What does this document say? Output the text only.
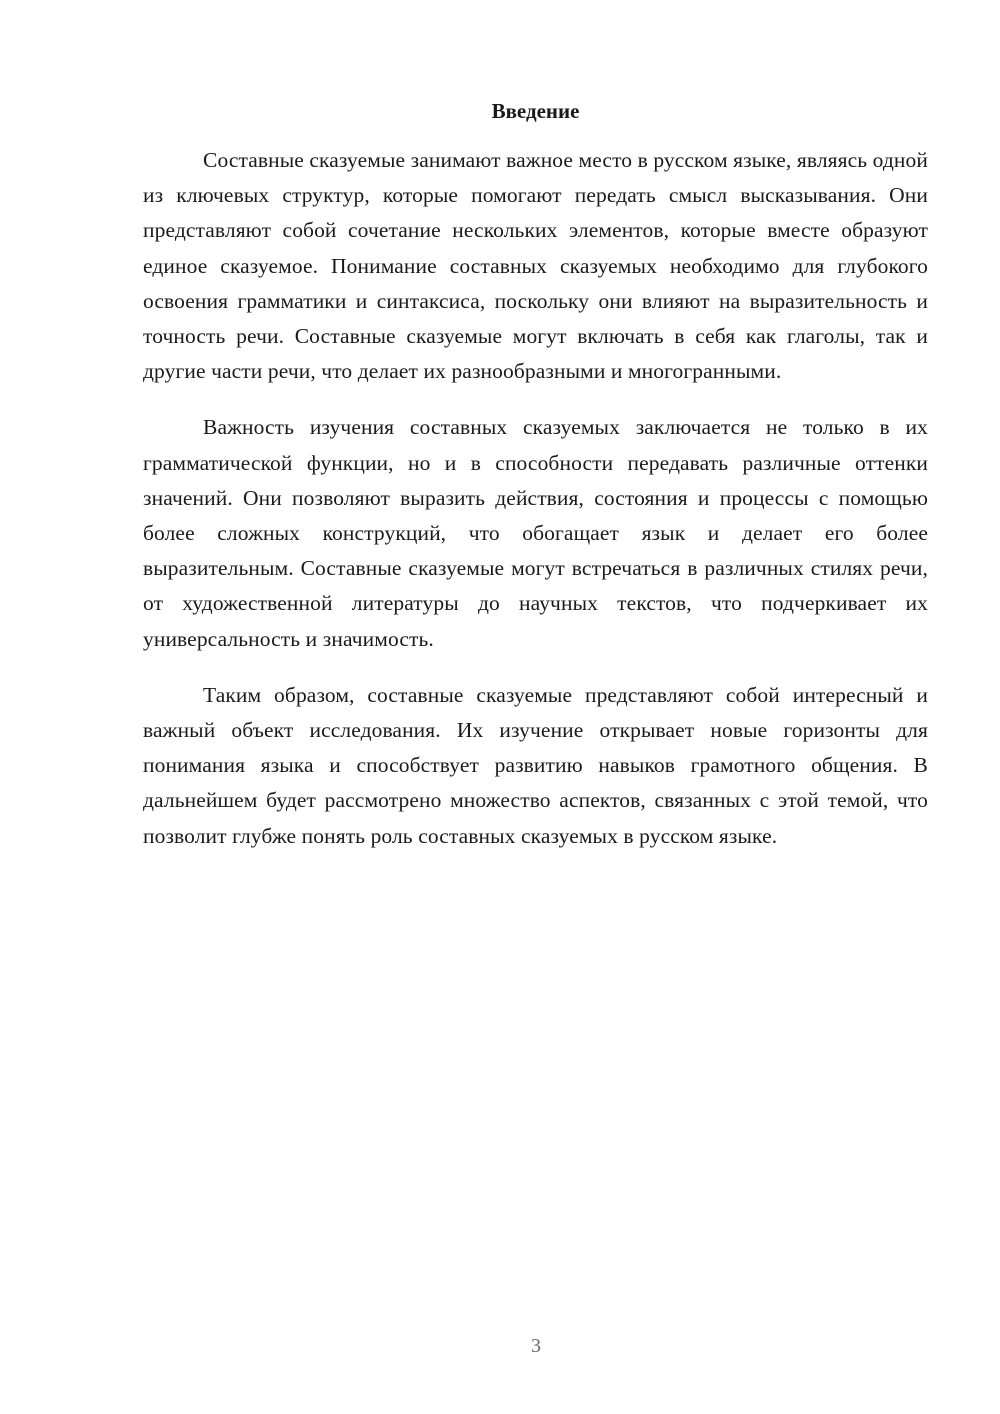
Введение

Составные сказуемые занимают важное место в русском языке, являясь одной из ключевых структур, которые помогают передать смысл высказывания. Они представляют собой сочетание нескольких элементов, которые вместе образуют единое сказуемое. Понимание составных сказуемых необходимо для глубокого освоения грамматики и синтаксиса, поскольку они влияют на выразительность и точность речи. Составные сказуемые могут включать в себя как глаголы, так и другие части речи, что делает их разнообразными и многогранными.

Важность изучения составных сказуемых заключается не только в их грамматической функции, но и в способности передавать различные оттенки значений. Они позволяют выразить действия, состояния и процессы с помощью более сложных конструкций, что обогащает язык и делает его более выразительным. Составные сказуемые могут встречаться в различных стилях речи, от художественной литературы до научных текстов, что подчеркивает их универсальность и значимость.

Таким образом, составные сказуемые представляют собой интересный и важный объект исследования. Их изучение открывает новые горизонты для понимания языка и способствует развитию навыков грамотного общения. В дальнейшем будет рассмотрено множество аспектов, связанных с этой темой, что позволит глубже понять роль составных сказуемых в русском языке.

3
